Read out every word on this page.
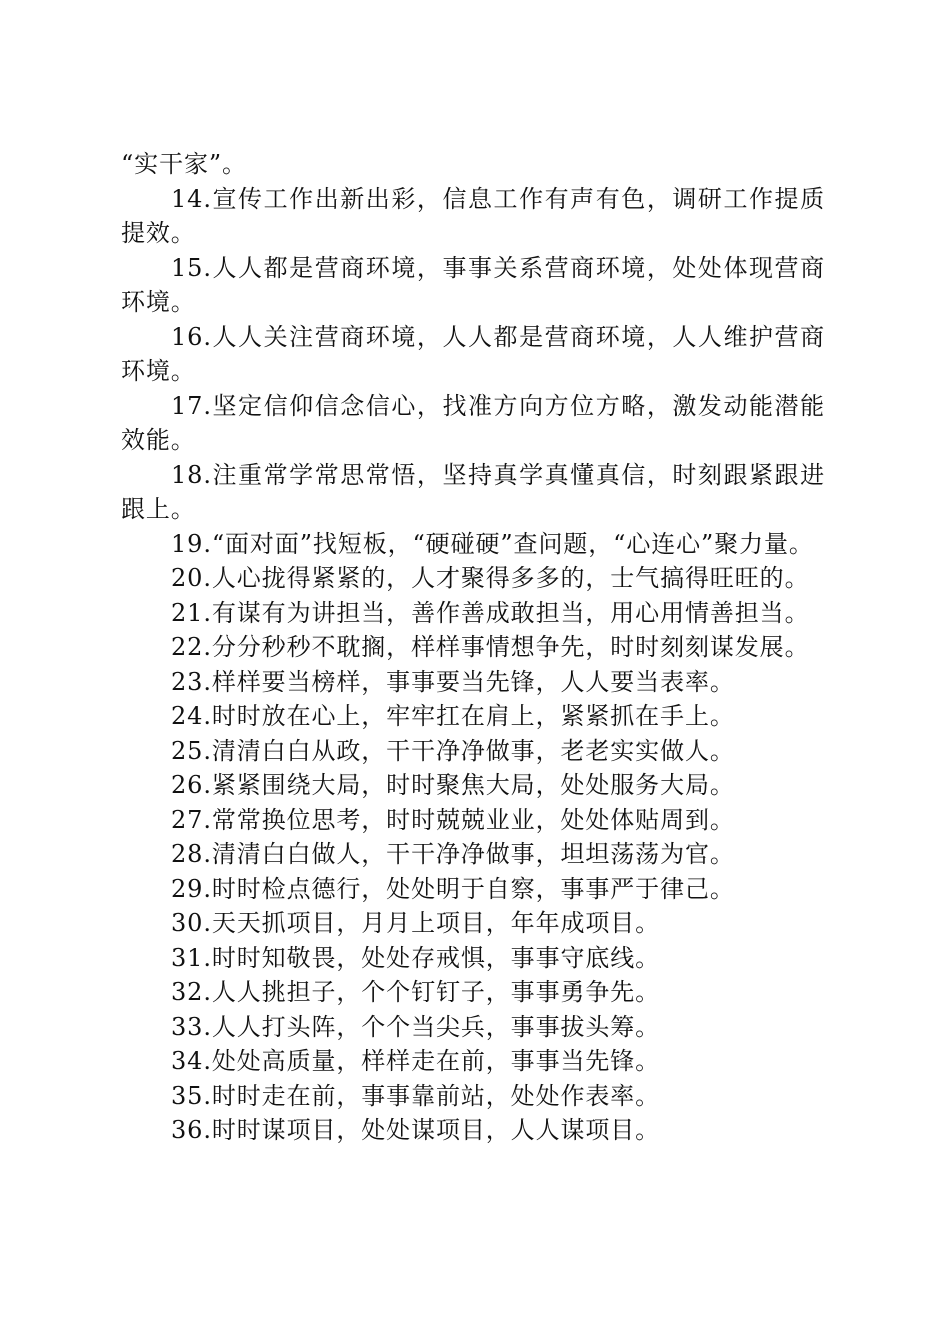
“实干家”。

14.宣传工作出新出彩，信息工作有声有色，调研工作提质提效。

15.人人都是营商环境，事事关系营商环境，处处体现营商环境。

16.人人关注营商环境，人人都是营商环境，人人维护营商环境。

17.坚定信仰信念信心，找准方向方位方略，激发动能潜能效能。

18.注重常学常思常悟，坚持真学真懂真信，时刻跟紧跟进跟上。

19.“面对面”找短板，“硬碰硬”查问题，“心连心”聚力量。

20.人心拢得紧紧的，人才聚得多多的，士气搞得旺旺的。

21.有谋有为讲担当，善作善成敢担当，用心用情善担当。

22.分分秒秒不耽搁，样样事情想争先，时时刻刻谋发展。

23.样样要当榜样，事事要当先锋，人人要当表率。

24.时时放在心上，牢牢扛在肩上，紧紧抓在手上。

25.清清白白从政，干干净净做事，老老实实做人。

26.紧紧围绕大局，时时聚焦大局，处处服务大局。

27.常常换位思考，时时兢兢业业，处处体贴周到。

28.清清白白做人，干干净净做事，坦坦荡荡为官。

29.时时检点德行，处处明于自察，事事严于律己。

30.天天抓项目，月月上项目，年年成项目。

31.时时知敬畏，处处存戒惧，事事守底线。

32.人人挑担子，个个钉钉子，事事勇争先。

33.人人打头阵，个个当尖兵，事事拔头筹。

34.处处高质量，样样走在前，事事当先锋。

35.时时走在前，事事靠前站，处处作表率。

36.时时谋项目，处处谋项目，人人谋项目。
